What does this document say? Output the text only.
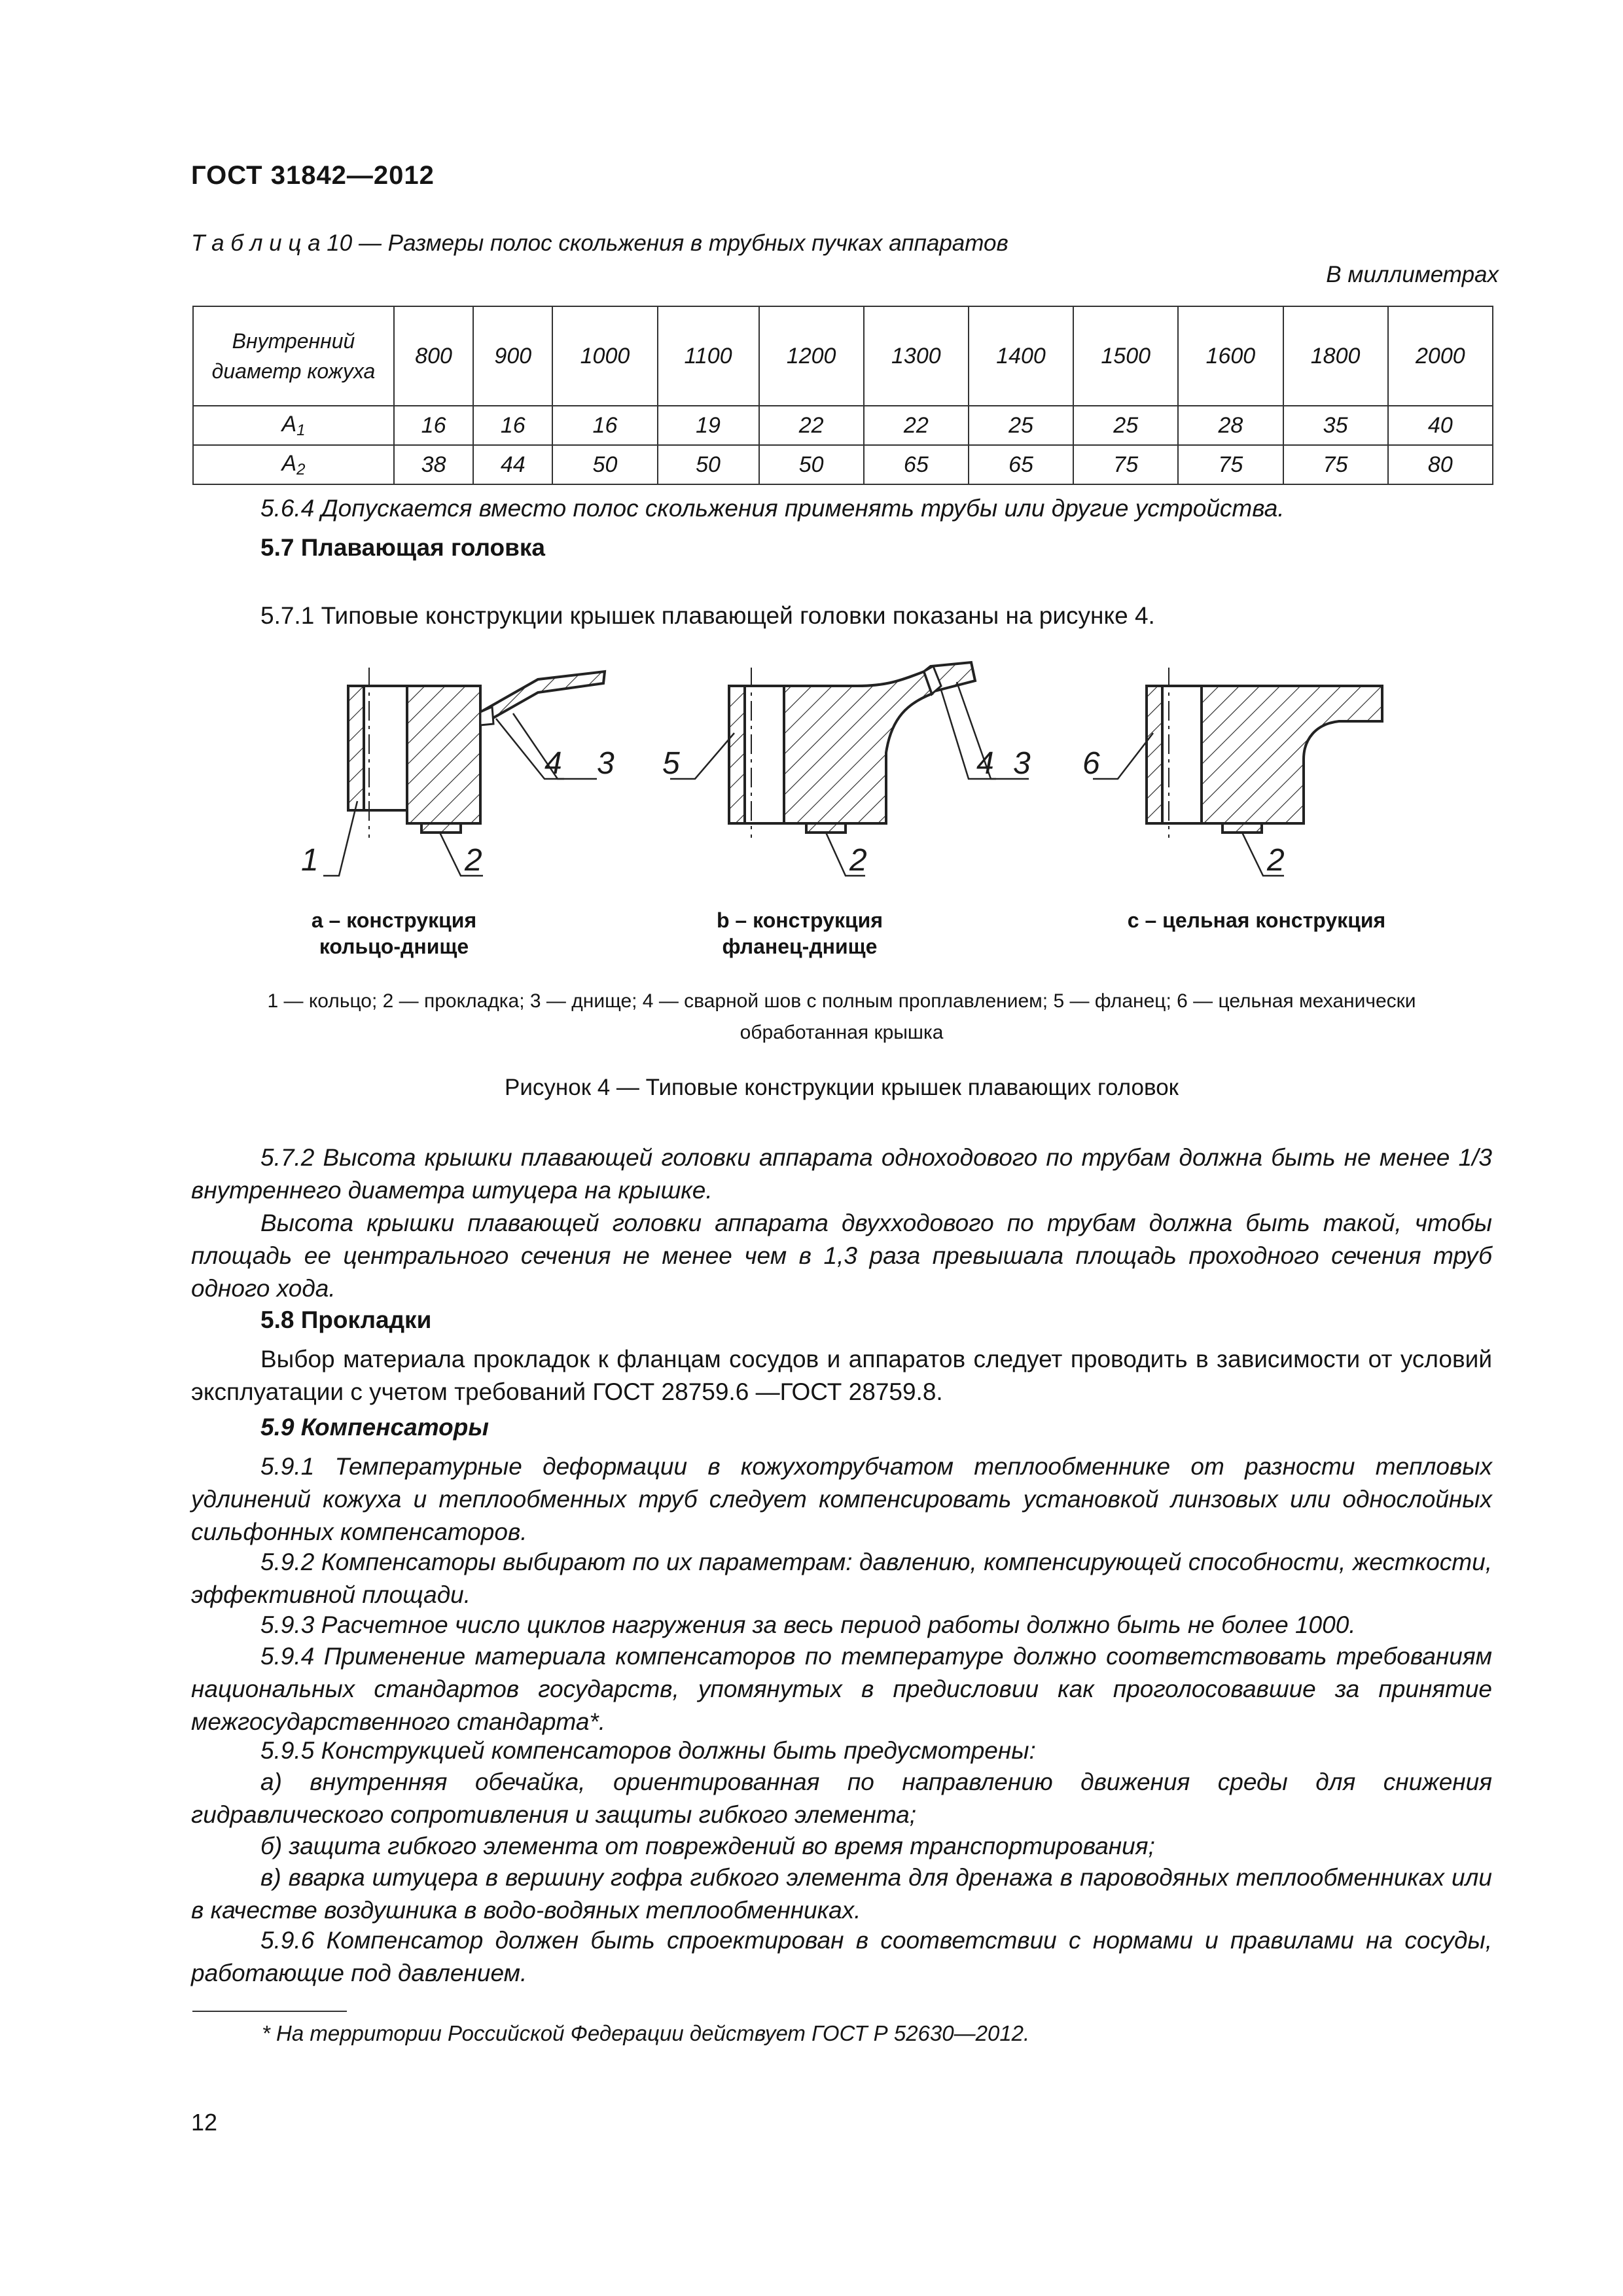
ГОСТ 31842—2012
Т а б л и ц а 10 — Размеры полос скольжения в трубных пучках аппаратов
В миллиметрах
Внутренний диаметр кожуха	800	900	1000	1100	1200	1300	1400	1500	1600	1800	2000
$A_1$	16	16	16	19	22	22	25	25	28	35	40
$A_2$	38	44	50	50	50	65	65	75	75	75	80
5.6.4 Допускается вместо полос скольжения применять трубы или другие устройства.
5.7 Плавающая головка
5.7.1 Типовые конструкции крышек плавающей головки показаны на рисунке 4.
1	2
3
4	5
2
4 3 6
2
а – конструкция
кольцо-днище
b – конструкция
фланец-днище
с – цельная конструкция
1 — кольцо; 2 — прокладка; 3 — днище; 4 — сварной шов с полным проплавлением; 5 — фланец; 6 — цельная механически
обработанная крышка
Рисунок 4 — Типовые конструкции крышек плавающих головок
5.7.2 Высота крышки плавающей головки аппарата одноходового по трубам должна быть не менее 1/3 внутреннего диаметра штуцера на крышке.
Высота крышки плавающей головки аппарата двухходового по трубам должна быть такой, чтобы площадь ее центрального сечения не менее чем в 1,3 раза превышала площадь проходного сечения труб одного хода.
5.8 Прокладки
Выбор материала прокладок к фланцам сосудов и аппаратов следует проводить в зависимости от условий эксплуатации с учетом требований ГОСТ 28759.6 —ГОСТ 28759.8.
5.9 Компенсаторы
5.9.1 Температурные деформации в кожухотрубчатом теплообменнике от разности тепловых удлинений кожуха и теплообменных труб следует компенсировать установкой линзовых или однослойных сильфонных компенсаторов.
5.9.2 Компенсаторы выбирают по их параметрам: давлению, компенсирующей способности, жесткости, эффективной площади.
5.9.3 Расчетное число циклов нагружения за весь период работы должно быть не более 1000.
5.9.4 Применение материала компенсаторов по температуре должно соответствовать требованиям национальных стандартов государств, упомянутых в предисловии как проголосовавшие за принятие межгосударственного стандарта*.
5.9.5 Конструкцией компенсаторов должны быть предусмотрены:
а) внутренняя обечайка, ориентированная по направлению движения среды для снижения гидравлического сопротивления и защиты гибкого элемента;
б) защита гибкого элемента от повреждений во время транспортирования;
в) вварка штуцера в вершину гофра гибкого элемента для дренажа в пароводяных теплообменниках или в качестве воздушника в водо-водяных теплообменниках.
5.9.6 Компенсатор должен быть спроектирован в соответствии с нормами и правилами на сосуды, работающие под давлением.
* На территории Российской Федерации действует ГОСТ Р 52630—2012.
12
